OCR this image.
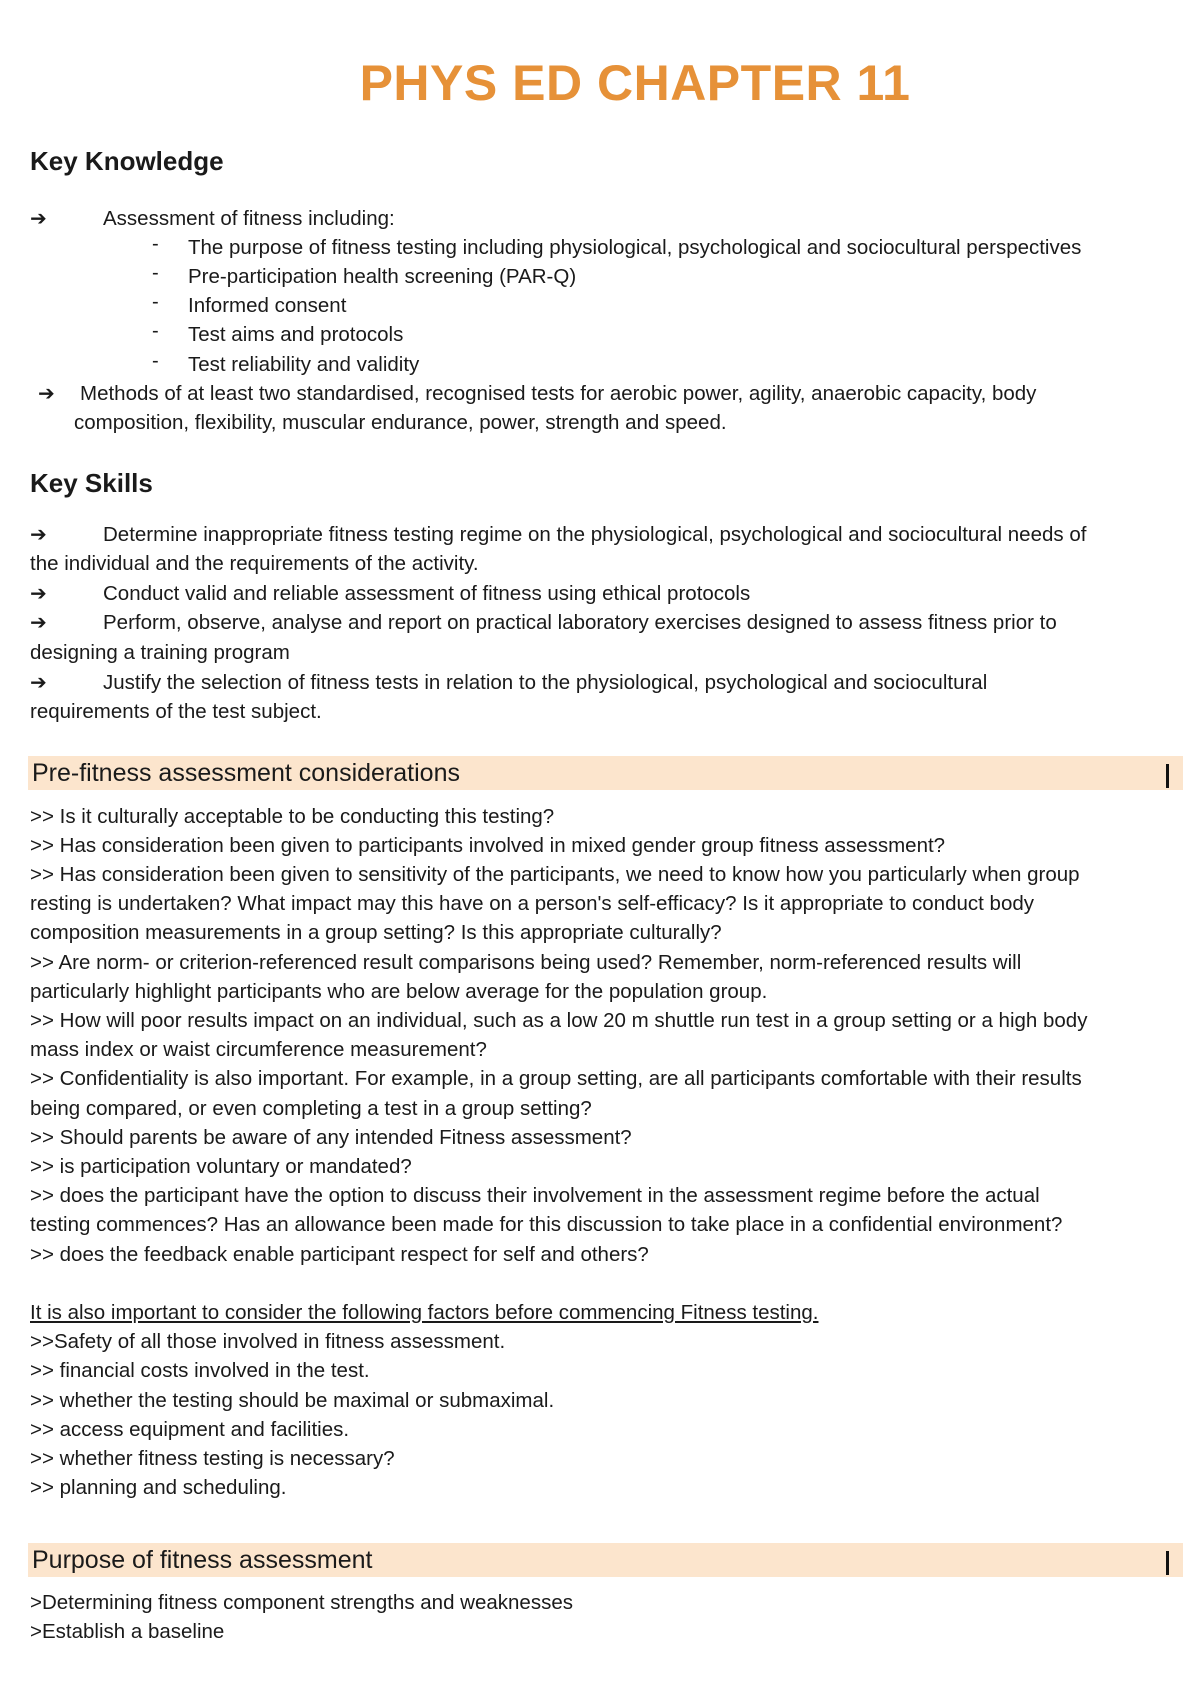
PHYS ED CHAPTER 11
Key Knowledge
➔	Assessment of fitness including:

- The purpose of fitness testing including physiological, psychological and sociocultural perspectives

- Pre-participation health screening (PAR-Q)

- Informed consent

- Test aims and protocols

- Test reliability and validity

➔ Methods of at least two standardised, recognised tests for aerobic power, agility, anaerobic capacity, body

composition, flexibility, muscular endurance, power, strength and speed.

Key Skills
➔	Determine inappropriate fitness testing regime on the physiological, psychological and sociocultural needs of

the individual and the requirements of the activity.

➔	Conduct valid and reliable assessment of fitness using ethical protocols

➔	Perform, observe, analyse and report on practical laboratory exercises designed to assess fitness prior to

designing a training program

➔	Justify the selection of fitness tests in relation to the physiological, psychological and sociocultural

requirements of the test subject.

Pre-fitness assessment considerations

>> Is it culturally acceptable to be conducting this testing?

>> Has consideration been given to participants involved in mixed gender group fitness assessment?

>> Has consideration been given to sensitivity of the participants, we need to know how you particularly when group

resting is undertaken? What impact may this have on a person's self-efficacy? Is it appropriate to conduct body

composition measurements in a group setting? Is this appropriate culturally?

>> Are norm- or criterion-referenced result comparisons being used? Remember, norm-referenced results will

particularly highlight participants who are below average for the population group.

>> How will poor results impact on an individual, such as a low 20 m shuttle run test in a group setting or a high body

mass index or waist circumference measurement?

>> Confidentiality is also important. For example, in a group setting, are all participants comfortable with their results

being compared, or even completing a test in a group setting?

>> Should parents be aware of any intended Fitness assessment?

>> is participation voluntary or mandated?

>> does the participant have the option to discuss their involvement in the assessment regime before the actual

testing commences? Has an allowance been made for this discussion to take place in a confidential environment?

>> does the feedback enable participant respect for self and others?

It is also important to consider the following factors before commencing Fitness testing.

>>Safety of all those involved in fitness assessment.

>> financial costs involved in the test.

>> whether the testing should be maximal or submaximal.

>> access equipment and facilities.

>> whether fitness testing is necessary?

>> planning and scheduling.

Purpose of fitness assessment

>Determining fitness component strengths and weaknesses

>Establish a baseline
